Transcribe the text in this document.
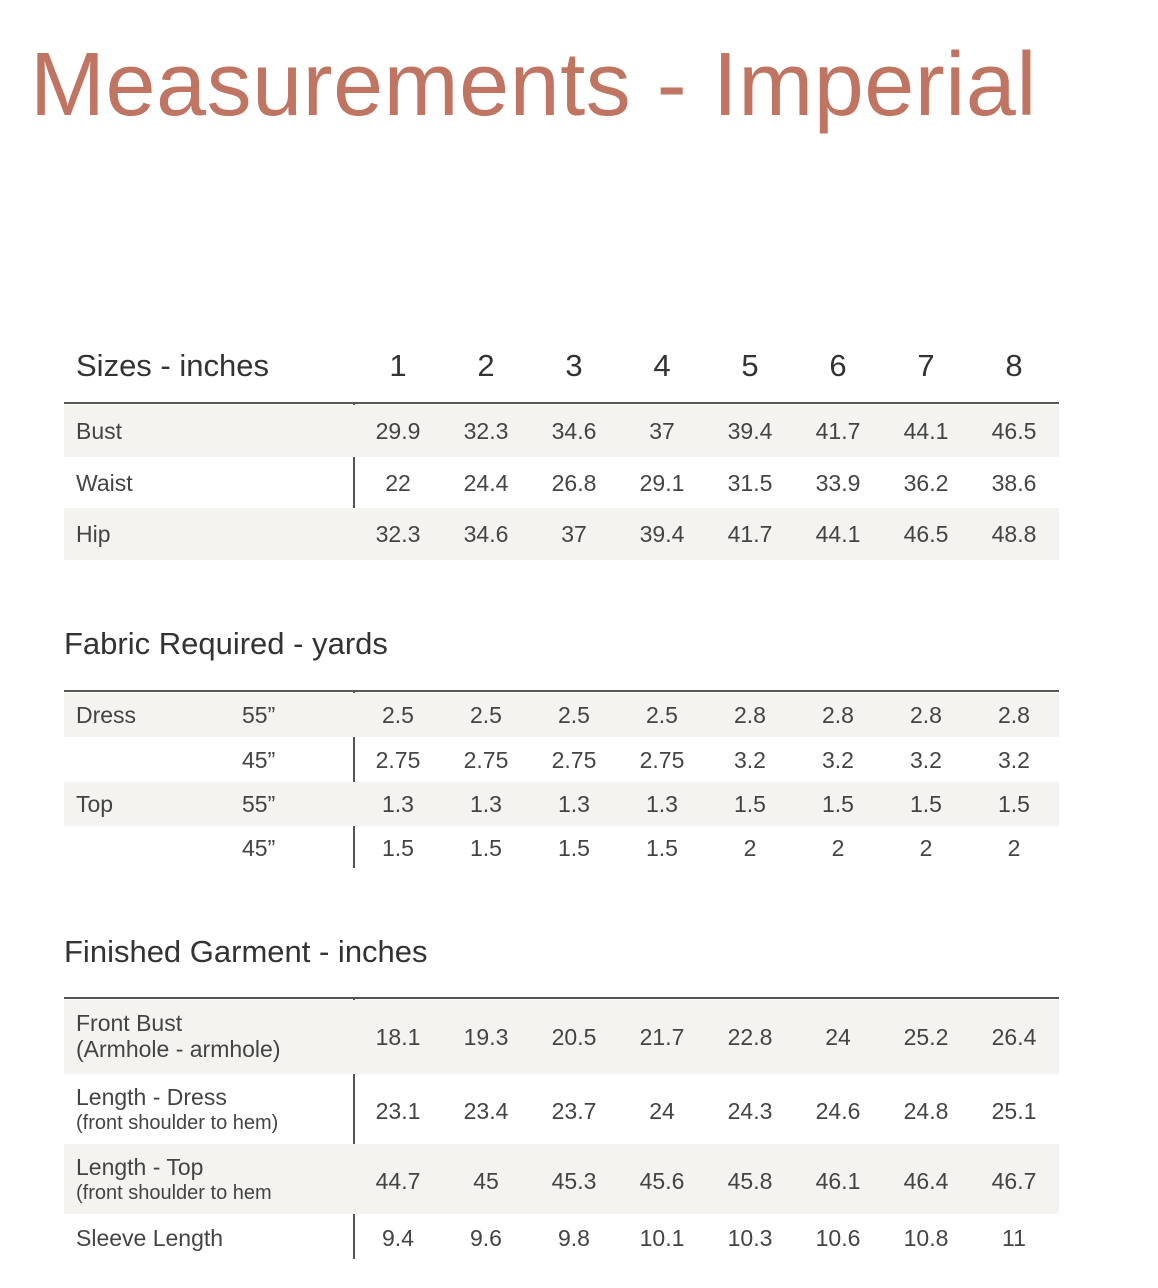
Measurements - Imperial
Sizes - inches	1	2	3	4	5	6	7	8
Bust	29.9	32.3	34.6	37	39.4	41.7	44.1	46.5
Waist	22	24.4	26.8	29.1	31.5	33.9	36.2	38.6
Hip	32.3	34.6	37	39.4	41.7	44.1	46.5	48.8
Fabric Required - yards
Dress	55”	2.5	2.5	2.5	2.5	2.8	2.8	2.8	2.8
45”	2.75	2.75	2.75	2.75	3.2	3.2	3.2	3.2
Top	55”	1.3	1.3	1.3	1.3	1.5	1.5	1.5	1.5
45”	1.5	1.5	1.5	1.5	2	2	2	2
Finished Garment - inches
Front Bust
(Armhole - armhole)	18.1	19.3	20.5	21.7	22.8	24	25.2	26.4
Length - Dress
(front shoulder to hem)	23.1	23.4	23.7	24	24.3	24.6	24.8	25.1
Length - Top
(front shoulder to hem	44.7	45	45.3	45.6	45.8	46.1	46.4	46.7
Sleeve Length	9.4	9.6	9.8	10.1	10.3	10.6	10.8	11
